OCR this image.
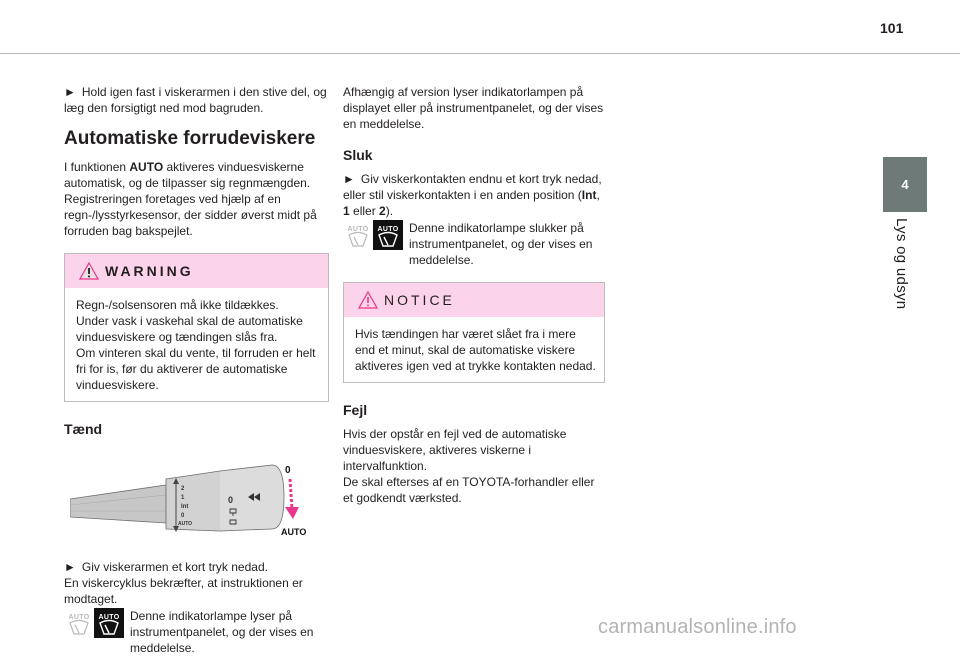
101
4
Lys og udsyn

► Hold igen fast i viskerarmen i den stive del, og læg den forsigtigt ned mod bagruden.

Automatiske forrudeviskere

I funktionen AUTO aktiveres vinduesviskerne automatisk, og de tilpasser sig regnmængden. Registreringen foretages ved hjælp af en regn-/lysstyrkesensor, der sidder øverst midt på forruden bag bakspejlet.

WARNING
Regn-/solsensoren må ikke tildækkes.
Under vask i vaskehal skal de automatiske vinduesviskere og tændingen slås fra.
Om vinteren skal du vente, til forruden er helt fri for is, før du aktiverer de automatiske vinduesviskere.
Tænd
2
1
Int
0
AUTO
0
0
AUTO

► Giv viskerarmen et kort tryk nedad.

En viskercyklus bekræfter, at instruktionen er modtaget.

AUTO	AUTO Denne indikatorlampe lyser på instrumentpanelet, og der vises en meddelelse.

Afhængig af version lyser indikatorlampen på displayet eller på instrumentpanelet, og der vises en meddelelse.

Sluk

► Giv viskerkontakten endnu et kort tryk nedad, eller stil viskerkontakten i en anden position (Int, 1 eller 2).

AUTO	AUTO Denne indikatorlampe slukker på instrumentpanelet, og der vises en meddelelse.

NOTICE
Hvis tændingen har været slået fra i mere end et minut, skal de automatiske viskere aktiveres igen ved at trykke kontakten nedad.
Fejl

Hvis der opstår en fejl ved de automatiske vinduesviskere, aktiveres viskerne i intervalfunktion.
De skal efterses af en TOYOTA-forhandler eller et godkendt værksted.

carmanualsonline.info
